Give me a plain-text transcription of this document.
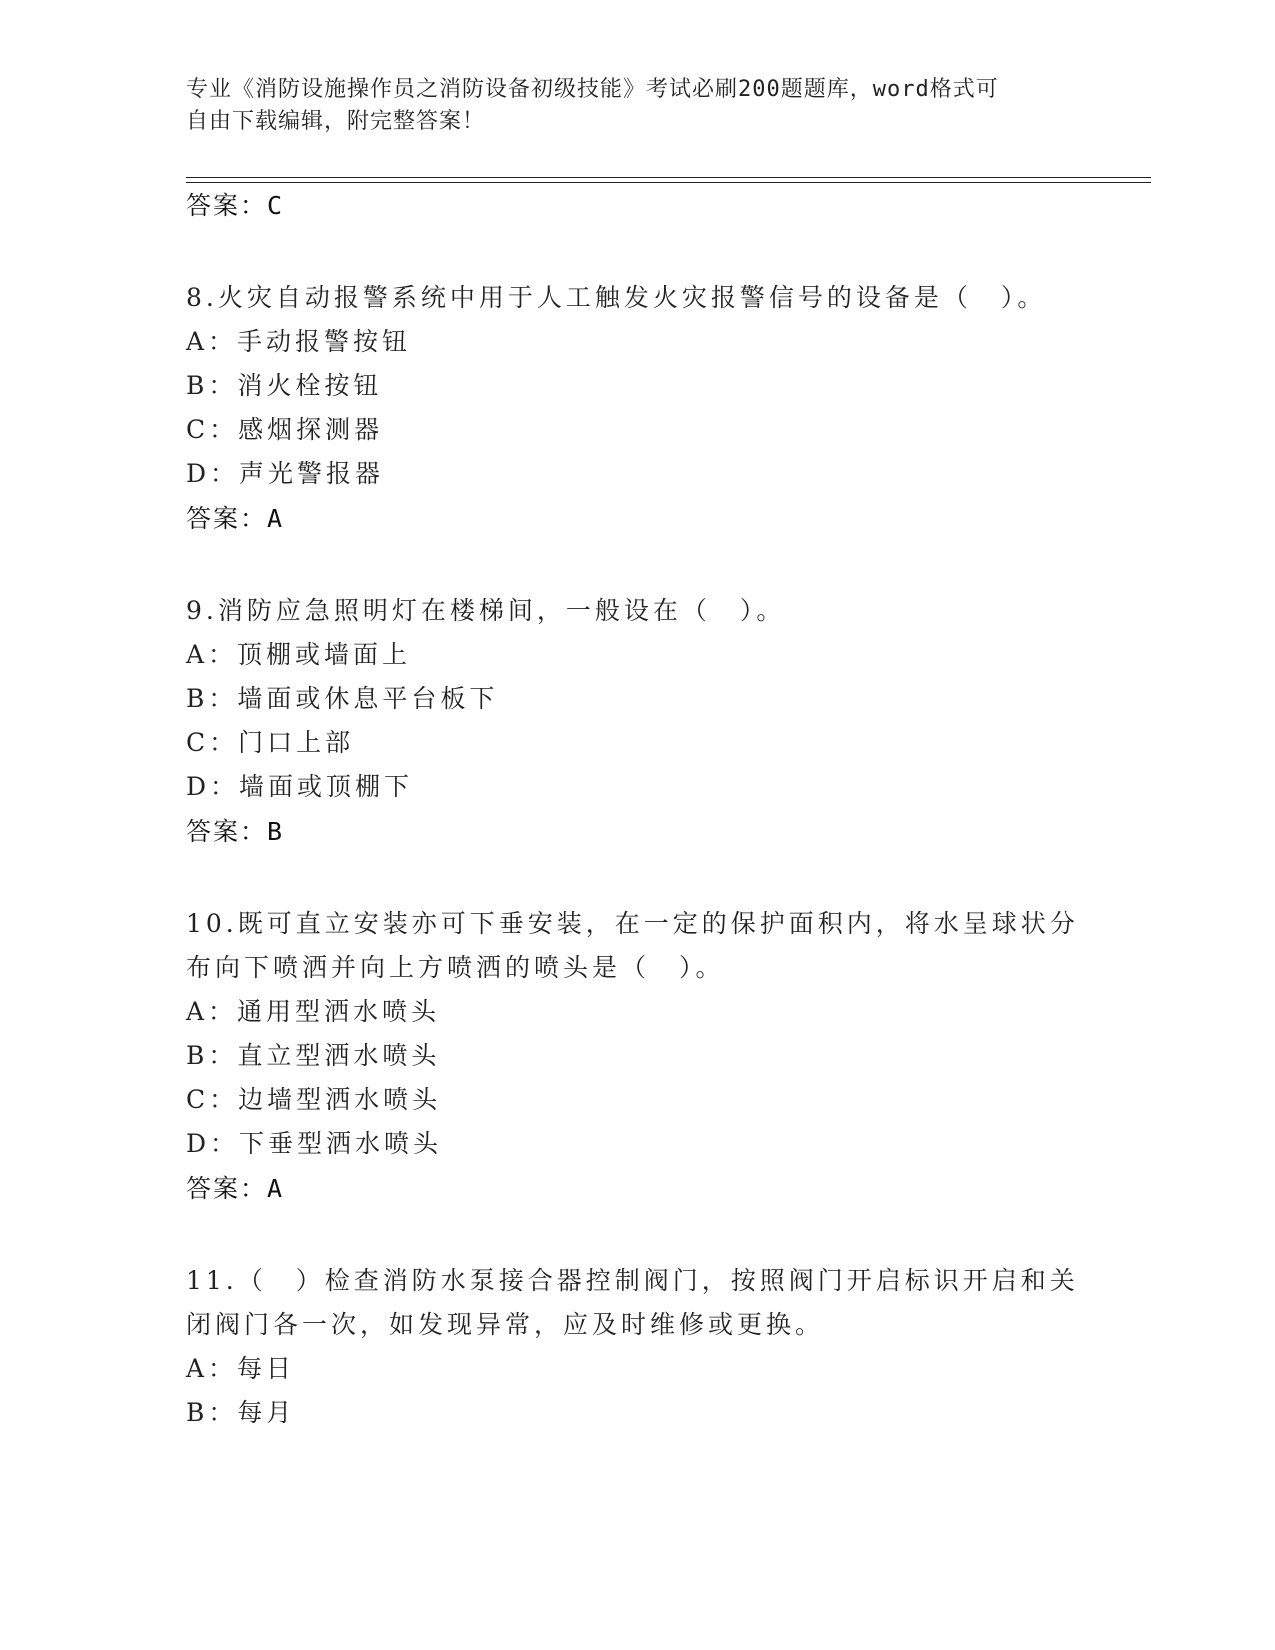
专业《消防设施操作员之消防设备初级技能》考试必刷200题题库，word格式可
自由下载编辑，附完整答案！
答案：C
8.火灾自动报警系统中用于人工触发火灾报警信号的设备是（　）。
A：手动报警按钮
B：消火栓按钮
C：感烟探测器
D：声光警报器
答案：A
9.消防应急照明灯在楼梯间，一般设在（　）。
A：顶棚或墙面上
B：墙面或休息平台板下
C：门口上部
D：墙面或顶棚下
答案：B
10.既可直立安装亦可下垂安装，在一定的保护面积内，将水呈球状分
布向下喷洒并向上方喷洒的喷头是（　）。
A：通用型洒水喷头
B：直立型洒水喷头
C：边墙型洒水喷头
D：下垂型洒水喷头
答案：A
11.（　）检查消防水泵接合器控制阀门，按照阀门开启标识开启和关
闭阀门各一次，如发现异常，应及时维修或更换。
A：每日
B：每月
